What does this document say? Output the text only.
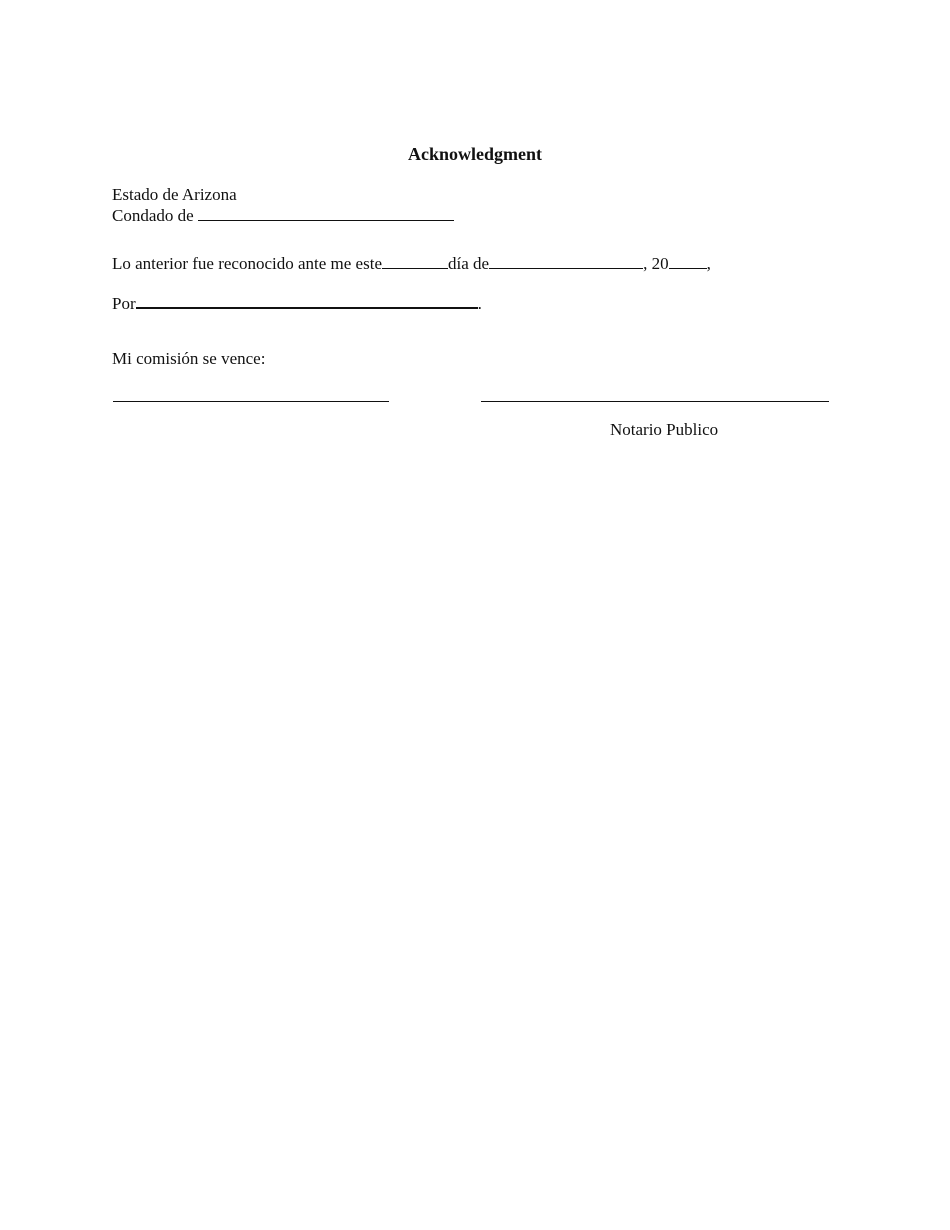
Acknowledgment
Estado de Arizona
Condado de
Lo anterior fue reconocido ante me este	día de	, 20 ,
Por	.
Mi comisión se vence:
Notario Publico
